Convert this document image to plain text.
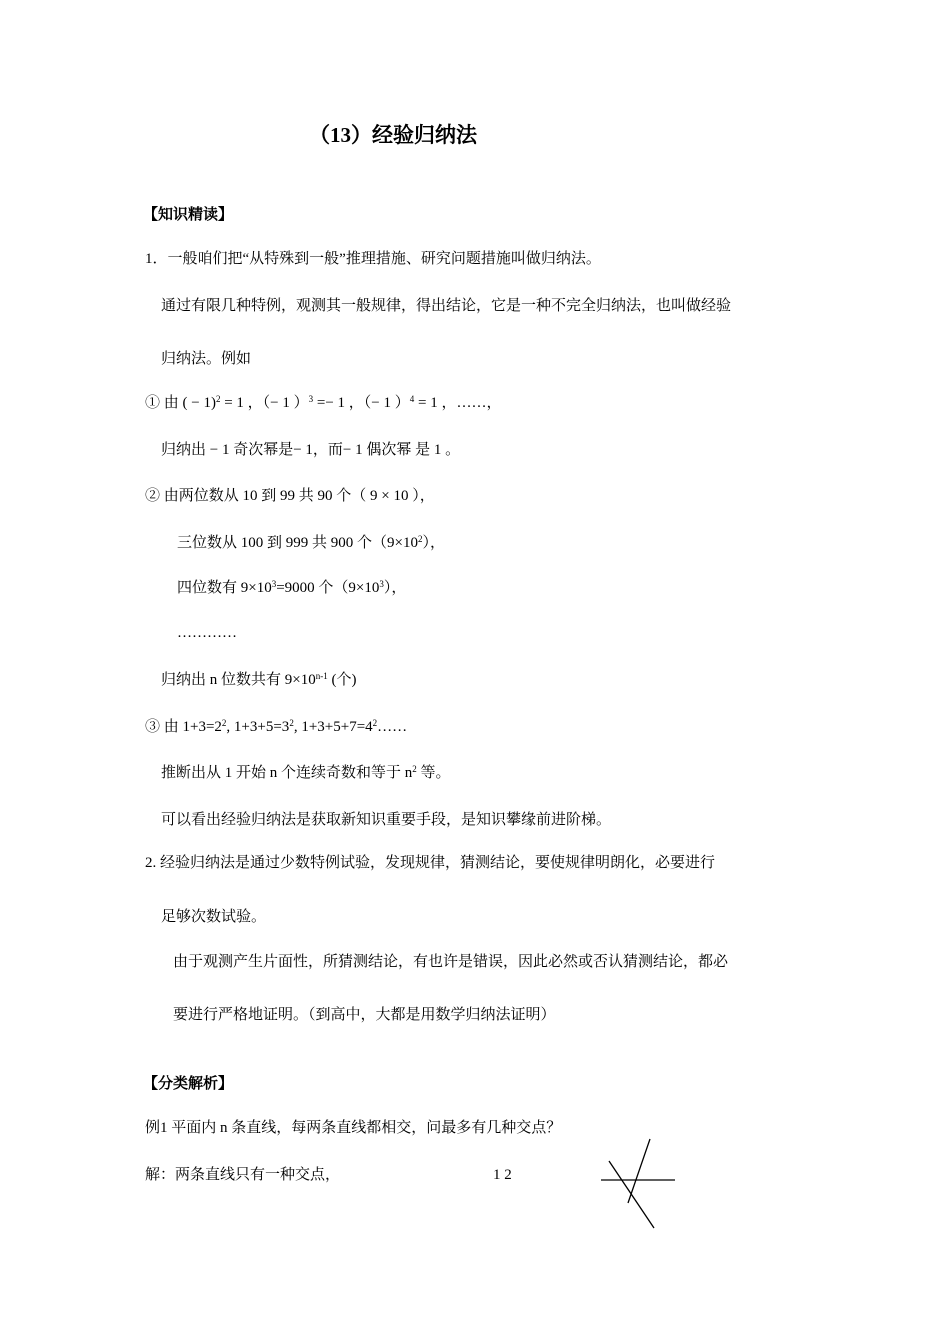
（13）经验归纳法
【知识精读】
1．一般咱们把“从特殊到一般”推理措施、研究问题措施叫做归纳法。
通过有限几种特例，观测其一般规律，得出结论，它是一种不完全归纳法，也叫做经验
归纳法。例如
① 由 ( − 1)$^2$ = 1 ，（− 1 ）$^3$ =− 1 ，（− 1 ）$^4$ = 1 ，……，
归纳出 − 1 奇次幂是− 1，而− 1 偶次幂 是 1 。
② 由两位数从 10 到 99 共 90 个（ 9 × 10 ），
三位数从 100 到 999 共 900 个$(9\times 10^2)$，
四位数有 $9\times 10^3=9000$ 个$(9\times 10^3)$，
…………
归纳出 n 位数共有 $9\times 10^{n-1}$ (个)
③ 由 $1+3=2^2$, $1+3+5=3^2$, $1+3+5+7=4^2\dots\dots$
推断出从 1 开始 n 个连续奇数和等于 $n^2$ 等。
可以看出经验归纳法是获取新知识重要手段，是知识攀缘前进阶梯。
2. 经验归纳法是通过少数特例试验，发现规律，猜测结论，要使规律明朗化，必要进行
足够次数试验。
由于观测产生片面性，所猜测结论，有也许是错误，因此必然或否认猜测结论，都必
要进行严格地证明。（到高中，大都是用数学归纳法证明）
【分类解析】
例1 平面内 n 条直线，每两条直线都相交，问最多有几种交点？
解：两条直线只有一种交点，	1 2
